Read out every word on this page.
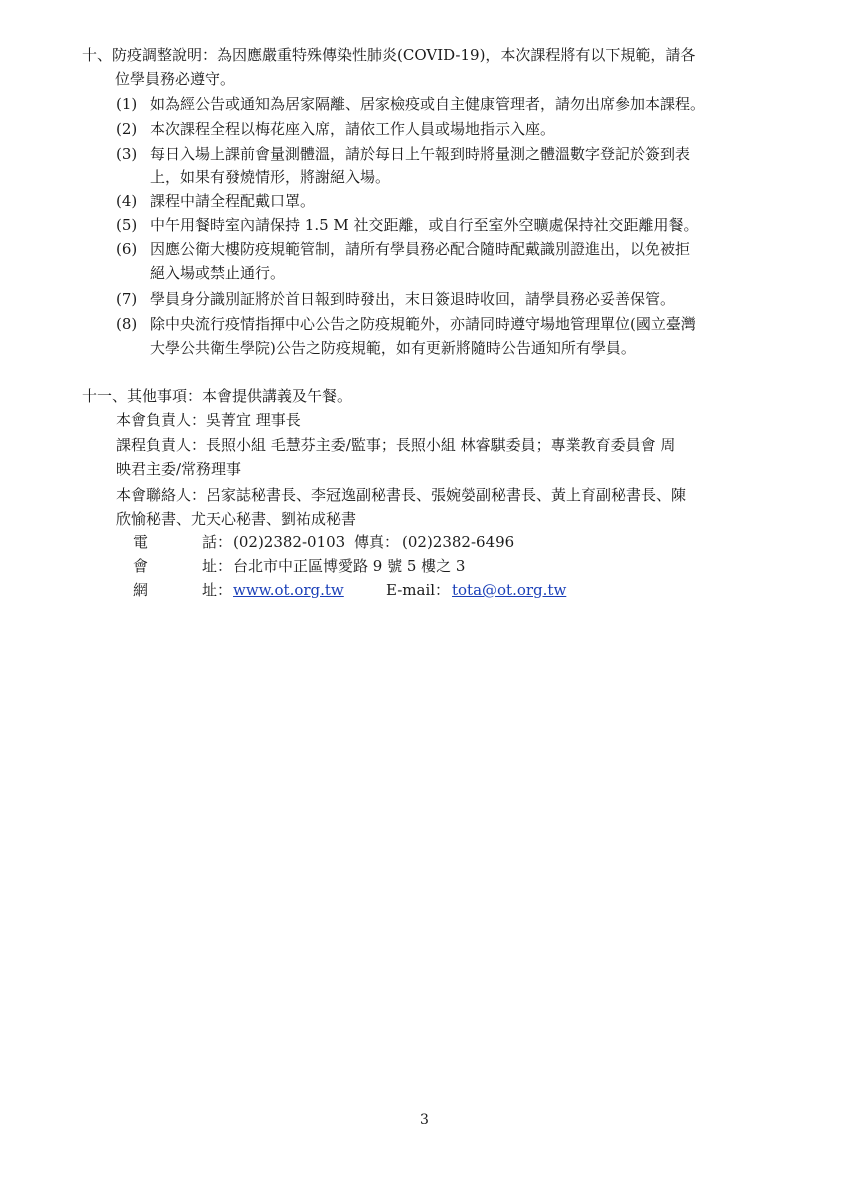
十、防疫調整說明：為因應嚴重特殊傳染性肺炎(COVID-19)，本次課程將有以下規範，請各
位學員務必遵守。
(1) 如為經公告或通知為居家隔離、居家檢疫或自主健康管理者，請勿出席參加本課程。
(2) 本次課程全程以梅花座入席，請依工作人員或場地指示入座。
(3) 每日入場上課前會量測體溫，請於每日上午報到時將量測之體溫數字登記於簽到表
上，如果有發燒情形，將謝絕入場。
(4) 課程中請全程配戴口罩。
(5) 中午用餐時室內請保持 1.5 M 社交距離，或自行至室外空曠處保持社交距離用餐。
(6) 因應公衛大樓防疫規範管制，請所有學員務必配合隨時配戴識別證進出，以免被拒
絕入場或禁止通行。
(7) 學員身分識別証將於首日報到時發出，末日簽退時收回，請學員務必妥善保管。
(8) 除中央流行疫情指揮中心公告之防疫規範外，亦請同時遵守場地管理單位(國立臺灣
大學公共衛生學院)公告之防疫規範，如有更新將隨時公告通知所有學員。
十一、其他事項：本會提供講義及午餐。
本會負責人：吳菁宜 理事長
課程負責人：長照小組 毛慧芬主委/監事；長照小組 林睿騏委員；專業教育委員會 周
映君主委/常務理事
本會聯絡人：呂家誌秘書長、李冠逸副秘書長、張婉嫈副秘書長、黃上育副秘書長、陳
欣愉秘書、尤天心秘書、劉祐成秘書
電	話： (02)2382-0103 傳真： (02)2382-6496
會	址： 台北市中正區博愛路 9 號 5 樓之 3
網	址： www.ot.org.tw	E-mail： tota@ot.org.tw
3
